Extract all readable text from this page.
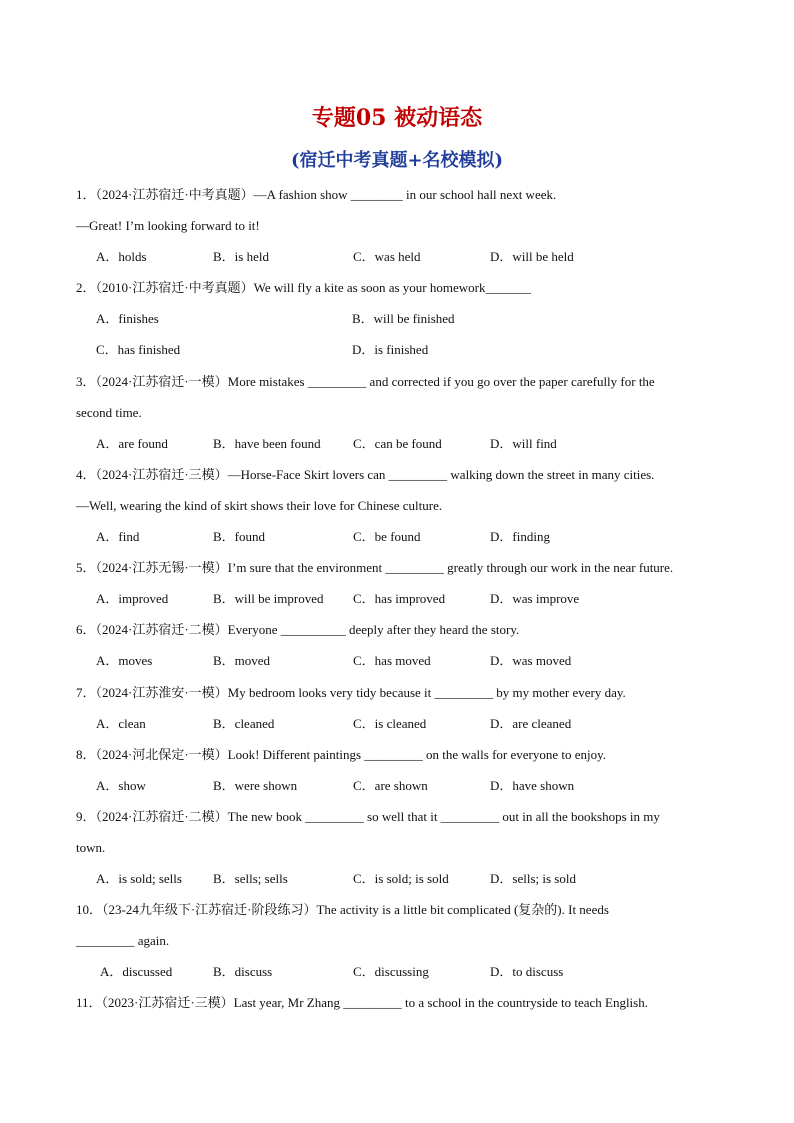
专题05 被动语态
(宿迁中考真题+名校模拟)
1．（2024·江苏宿迁·中考真题）—A fashion show ________ in our school hall next week.
—Great! I’m looking forward to it!
A．holds	B．is held	C．was held	D．will be held
2．（2010·江苏宿迁·中考真题）We will fly a kite as soon as your homework_______
A．finishes	B．will be finished
C．has finished	D．is finished
3．（2024·江苏宿迁·一模）More mistakes _________ and corrected if you go over the paper carefully for the
second time.
A．are found	B．have been found C．can be found	D．will find
4．（2024·江苏宿迁·三模）—Horse-Face Skirt lovers can _________ walking down the street in many cities.
—Well, wearing the kind of skirt shows their love for Chinese culture.
A．find	B．found	C．be found	D．finding
5．（2024·江苏无锡·一模）I’m sure that the environment _________ greatly through our work in the near future.
A．improved	B．will be improved C．has improved	D．was improve
6．（2024·江苏宿迁·二模）Everyone __________ deeply after they heard the story.
A．moves	B．moved	C．has moved	D．was moved
7．（2024·江苏淮安·一模）My bedroom looks very tidy because it _________ by my mother every day.
A．clean	B．cleaned	C．is cleaned	D．are cleaned
8．（2024·河北保定·一模）Look! Different paintings _________ on the walls for everyone to enjoy.
A．show	B．were shown	C．are shown	D．have shown
9．（2024·江苏宿迁·二模）The new book _________ so well that it _________ out in all the bookshops in my
town.
A．is sold; sells B．sells; sells	C．is sold; is sold	D．sells; is sold
10．（23-24九年级下·江苏宿迁·阶段练习）The activity is a little bit complicated (复杂的). It needs
_________ again.
A．discussed	B．discuss	C．discussing	D．to discuss
11．（2023·江苏宿迁·三模）Last year, Mr Zhang _________ to a school in the countryside to teach English.
